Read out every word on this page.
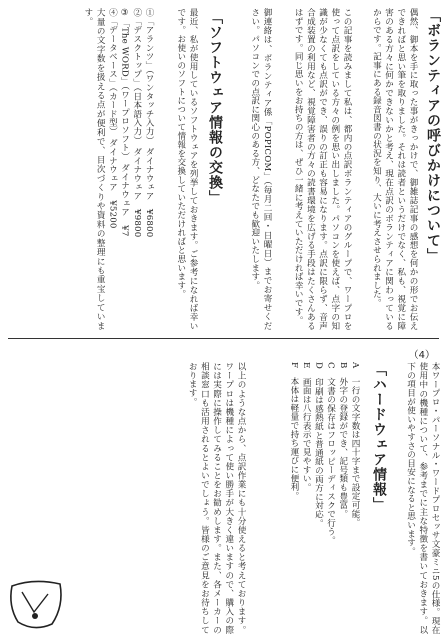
「ボランティアの呼びかけについて」
偶然、御本を手に取った事がきっかけで、御雑誌記事の感想を何かの形でお伝えできればと思い筆を取りました。それは読者というだけでなく、私も、視覚に障害のある方々に何かできないかと考え、現在点訳のボランティアに関わっているからです。記事にある録音図書の状況を知り、大いに考えさせられました。
この記事を読みまして私は、都内の点訳ボランティアのグループで、ワープロを使って点訳をしている方々の例を思い出しました。パソコンを使えば、点字の知識が少なくても点訳ができ、誤りの訂正も容易になります。点訳に限らず、音声合成装置の利用など、視覚障害者の方々の読書環境を広げる手段はたくさんあるはずです。同じ思いをお持ちの方は、ぜひ一緒に考えていただければ幸いです。
御連絡は、ボランティア係「POPICOM」（毎月二回・日曜日）までお寄せください。パソコンでの点訳に関心のある方、どなたでも歓迎いたします。
「ソフトウェア情報の交換」
最近、私が使用しているソフトウェアを列挙しておきます。ご参考になれば幸いです。お使いのソフトについて情報を交換していただければと思います。
①「アランツ」（ワンタッチ入力） ダイナウェア　¥6800
②「デスクトップ」（日本語入力） ダイナウェア　¥9800
③「The WORD」（ワープロソフト） ダイナウェア　¥7
④「データベース」（カード型） ダイナウェア　¥5200
大量の文字数を扱える点が便利で、目次づくりや資料の整理にも重宝しています。
（4）
「ハードウェア情報」	本ワープロ・パーソナル・ワードプロセッサ文豪ミニ5の仕様。現在使用中の機種について、参考までに主な特徴を書いておきます。以下の項目が使いやすさの目安になると思います。
A　一行の文字数は四十字まで設定可能。
B　外字の登録ができ、記号類も豊富。
C　文書の保存はフロッピーディスクで行う。
D　印刷は感熱紙と普通紙の両方に対応。
E　画面は八行表示で見やすい。
F　本体は軽量で持ち運びに便利。
以上のような点から、点訳作業にも十分使えると考えております。ワープロは機種によって使い勝手が大きく違いますので、購入の際には実際に操作してみることをお勧めします。また、各メーカーの相談窓口も活用されるとよいでしょう。皆様のご意見をお待ちしております。
